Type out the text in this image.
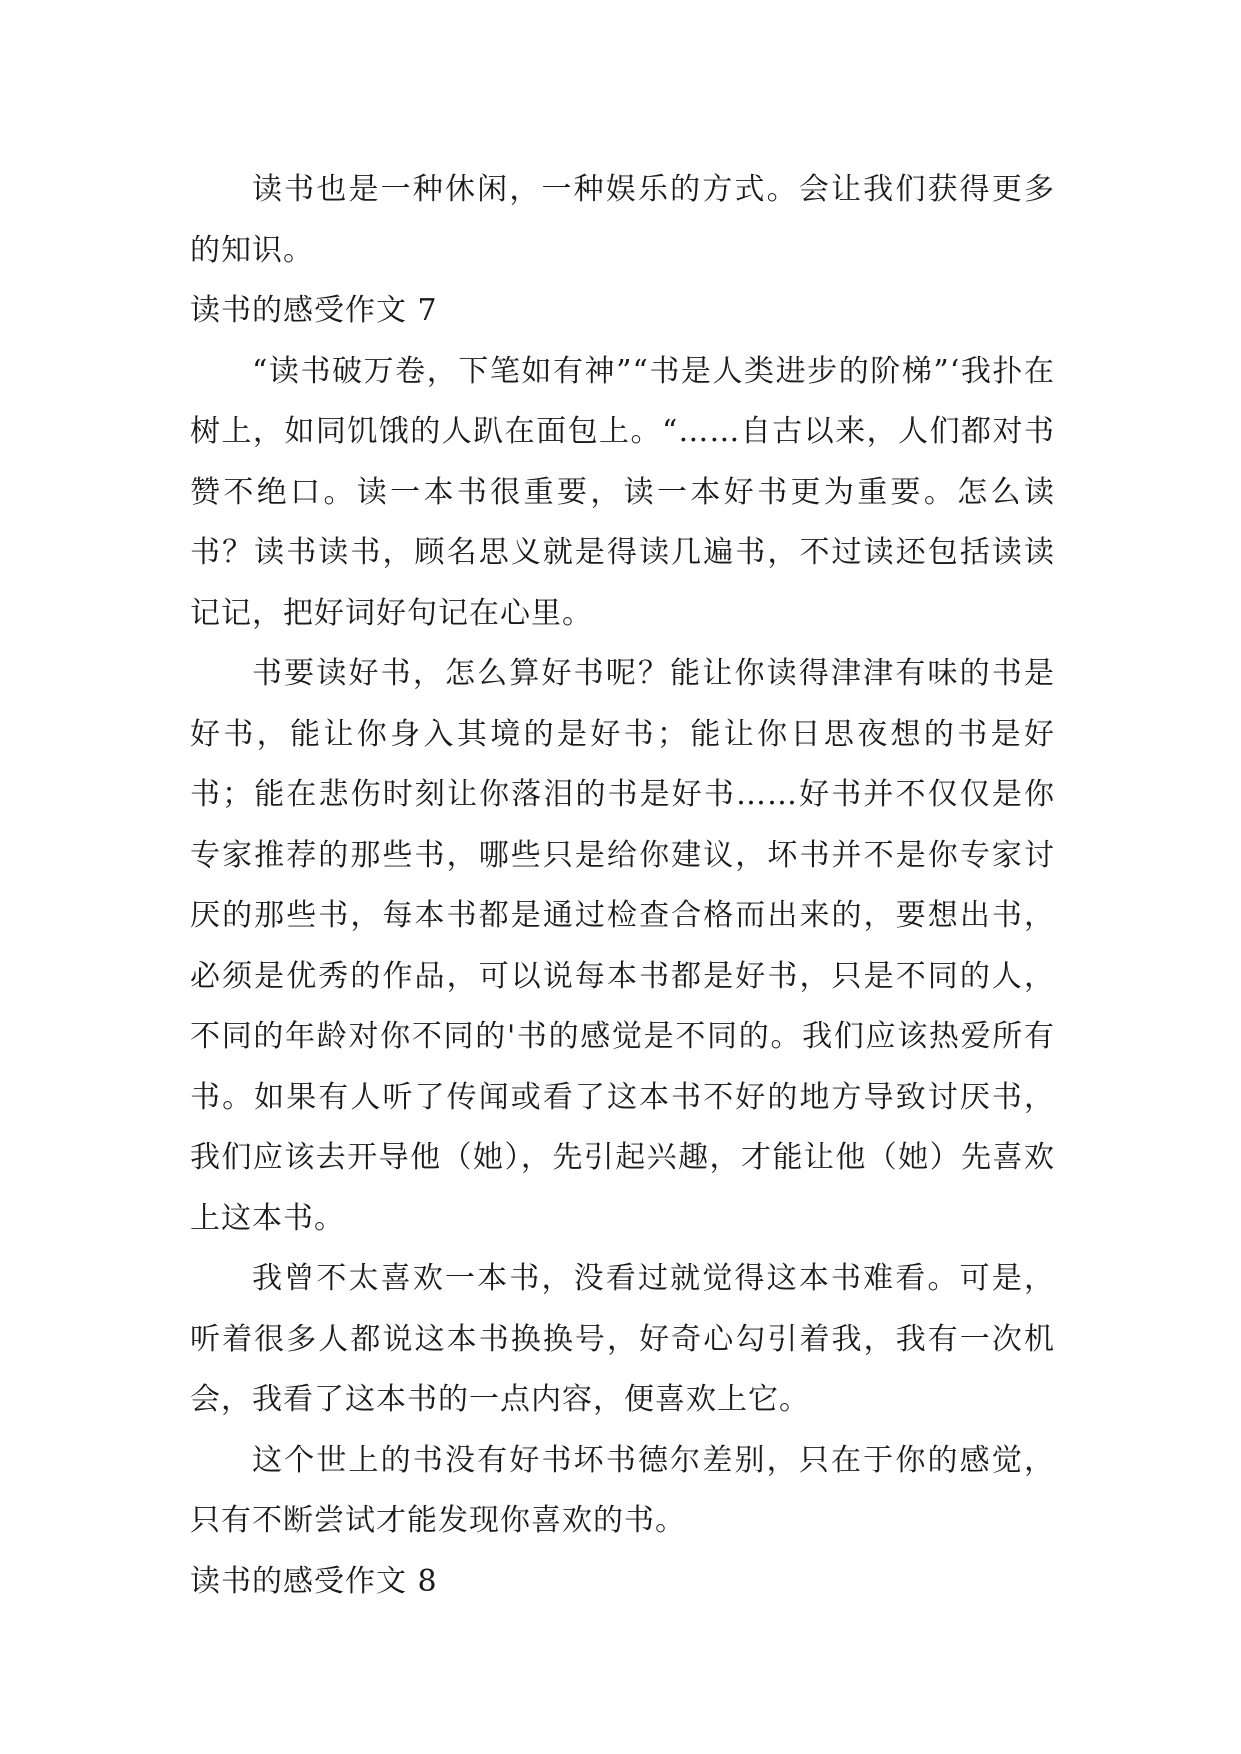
读书也是一种休闲，一种娱乐的方式。会让我们获得更多的知识。

读书的感受作文 7

“读书破万卷，下笔如有神”“书是人类进步的阶梯”‘我扑在树上，如同饥饿的人趴在面包上。“……自古以来，人们都对书赞不绝口。读一本书很重要，读一本好书更为重要。怎么读书？读书读书，顾名思义就是得读几遍书，不过读还包括读读记记，把好词好句记在心里。

书要读好书，怎么算好书呢？能让你读得津津有味的书是好书，能让你身入其境的是好书；能让你日思夜想的书是好书；能在悲伤时刻让你落泪的书是好书……好书并不仅仅是你专家推荐的那些书，哪些只是给你建议，坏书并不是你专家讨厌的那些书，每本书都是通过检查合格而出来的，要想出书，必须是优秀的作品，可以说每本书都是好书，只是不同的人，不同的年龄对你不同的'书的感觉是不同的。我们应该热爱所有书。如果有人听了传闻或看了这本书不好的地方导致讨厌书，我们应该去开导他（她），先引起兴趣，才能让他（她）先喜欢上这本书。

我曾不太喜欢一本书，没看过就觉得这本书难看。可是，听着很多人都说这本书换换号，好奇心勾引着我，我有一次机会，我看了这本书的一点内容，便喜欢上它。

这个世上的书没有好书坏书德尔差别，只在于你的感觉，只有不断尝试才能发现你喜欢的书。

读书的感受作文 8
